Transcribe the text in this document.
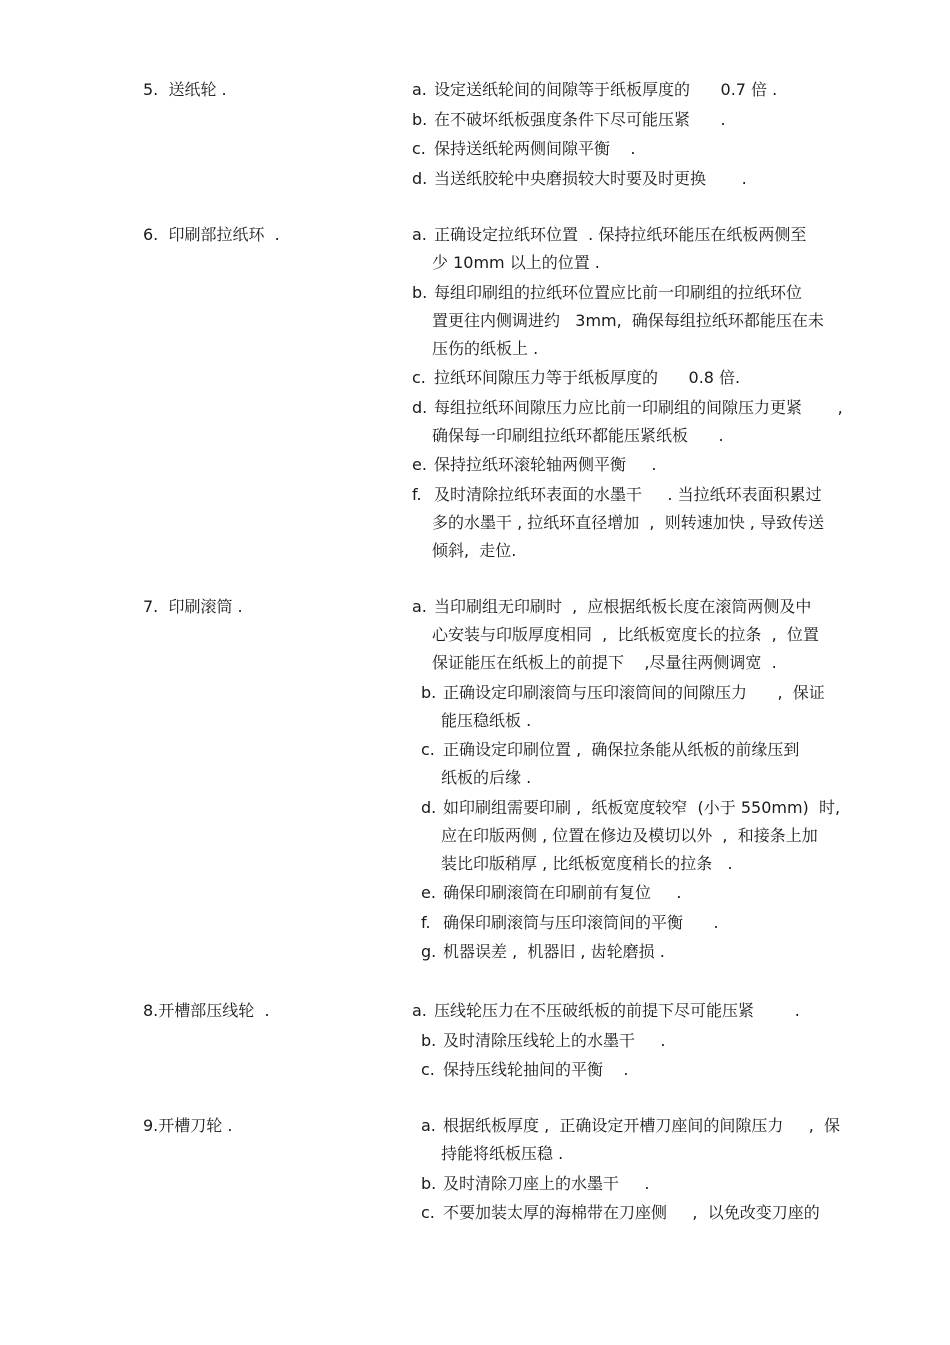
5.  送纸轮 .	a. 设定送纸轮间的间隙等于纸板厚度的      0.7 倍 .
b. 在不破坏纸板强度条件下尽可能压紧      .
c. 保持送纸轮两侧间隙平衡    .
d. 当送纸胶轮中央磨损较大时要及时更换       .
6.  印刷部拉纸环  .	a. 正确设定拉纸环位置  . 保持拉纸环能压在纸板两侧至
少 10mm 以上的位置 .
b. 每组印刷组的拉纸环位置应比前一印刷组的拉纸环位
置更往内侧调进约   3mm,  确保每组拉纸环都能压在未
压伤的纸板上 .
c. 拉纸环间隙压力等于纸板厚度的      0.8 倍.
d. 每组拉纸环间隙压力应比前一印刷组的间隙压力更紧       ,
确保每一印刷组拉纸环都能压紧纸板      .
e. 保持拉纸环滚轮轴两侧平衡     .
f. 及时清除拉纸环表面的水墨干     . 当拉纸环表面积累过
多的水墨干 , 拉纸环直径增加  ,  则转速加快 , 导致传送
倾斜,  走位.
7.  印刷滚筒 .	a. 当印刷组无印刷时  ,  应根据纸板长度在滚筒两侧及中
心安装与印版厚度相同  ,  比纸板宽度长的拉条  ,  位置
保证能压在纸板上的前提下    ,尽量往两侧调宽  .
b. 正确设定印刷滚筒与压印滚筒间的间隙压力      ,  保证
能压稳纸板 .
c. 正确设定印刷位置 ,  确保拉条能从纸板的前缘压到
纸板的后缘 .
d. 如印刷组需要印刷 ,  纸板宽度较窄  (小于 550mm)  时,
应在印版两侧 , 位置在修边及模切以外  ,  和接条上加
装比印版稍厚 , 比纸板宽度稍长的拉条   .
e. 确保印刷滚筒在印刷前有复位     .
f. 确保印刷滚筒与压印滚筒间的平衡      .
g. 机器误差 ,  机器旧 , 齿轮磨损 .
8.开槽部压线轮  .	a. 压线轮压力在不压破纸板的前提下尽可能压紧        .
b. 及时清除压线轮上的水墨干     .
c. 保持压线轮抽间的平衡    .
9.开槽刀轮 .	a. 根据纸板厚度 ,  正确设定开槽刀座间的间隙压力     ,  保
持能将纸板压稳 .
b. 及时清除刀座上的水墨干     .
c. 不要加装太厚的海棉带在刀座侧     ,  以免改变刀座的
